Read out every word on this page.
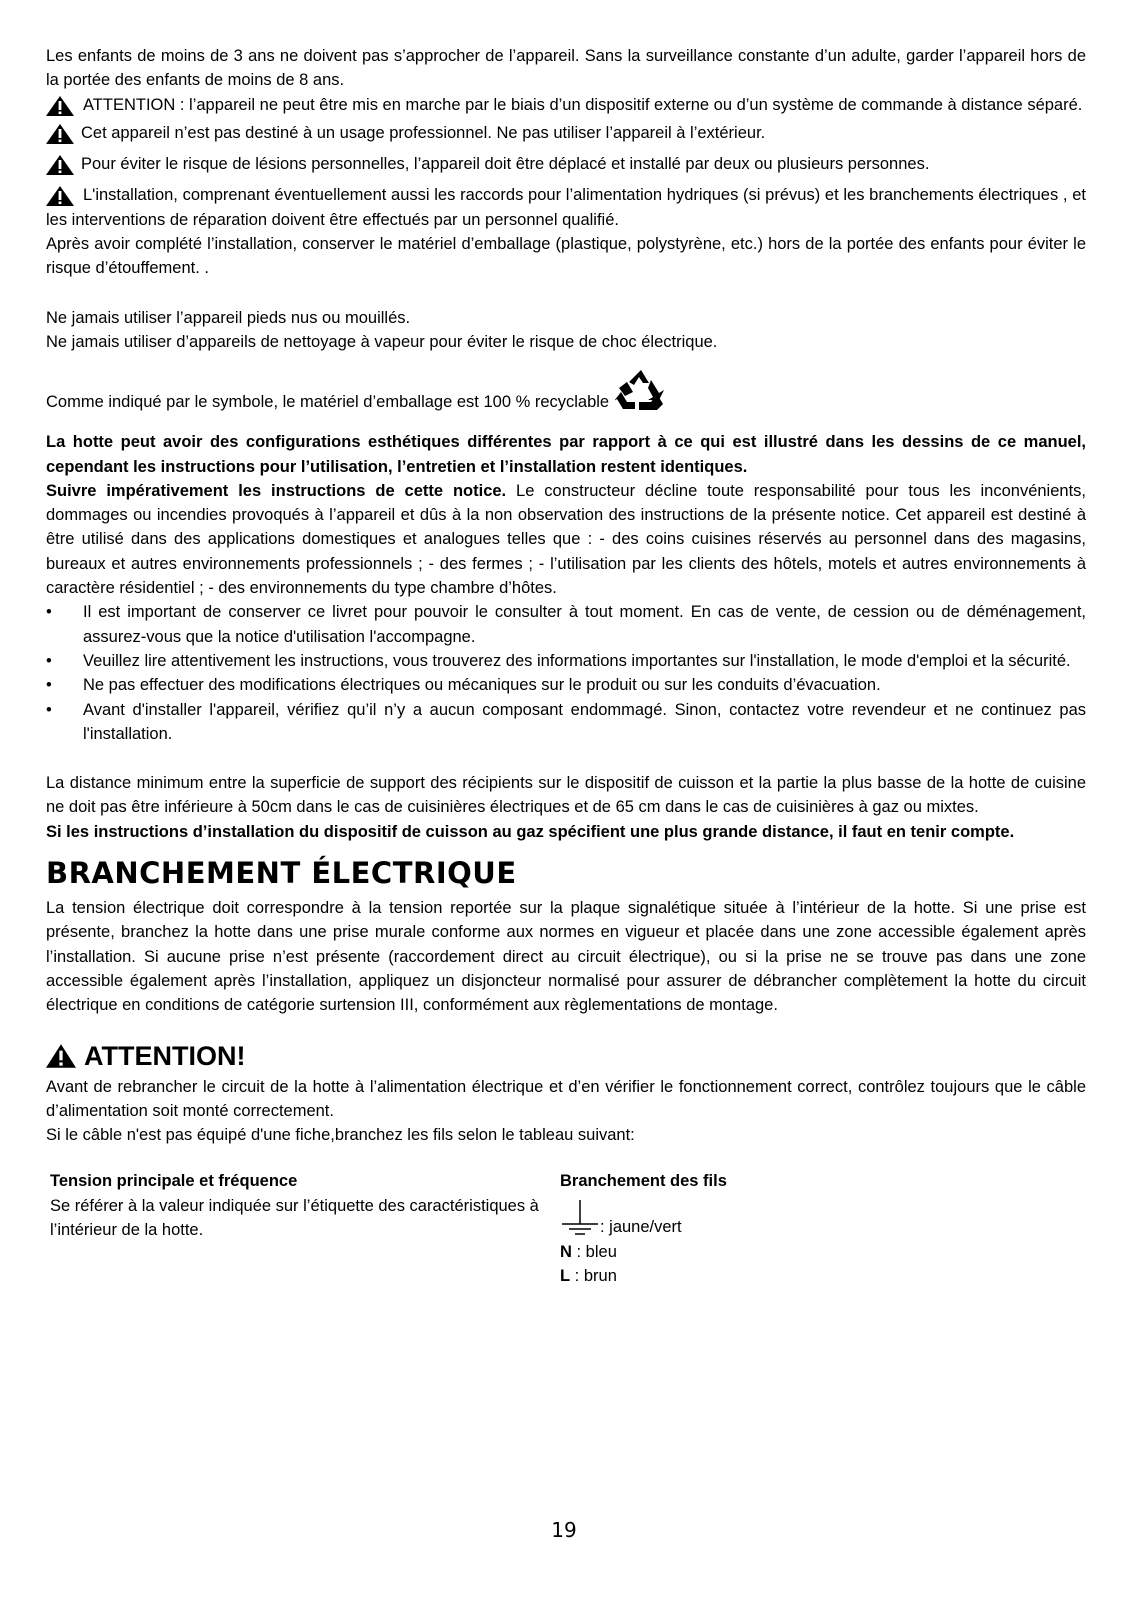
Les enfants de moins de 3 ans ne doivent pas s’approcher de l’appareil. Sans la surveillance constante d’un adulte, garder l’appareil hors de la portée des enfants de moins de 8 ans.

ATTENTION : l’appareil ne peut être mis en marche par le biais d’un dispositif externe ou d’un système de commande à distance séparé.

Cet appareil n’est pas destiné à un usage professionnel. Ne pas utiliser l’appareil à l’extérieur.

Pour éviter le risque de lésions personnelles, l’appareil doit être déplacé et installé par deux ou plusieurs personnes.

L'installation, comprenant éventuellement aussi les raccords pour l’alimentation hydriques (si prévus) et les branchements électriques , et les interventions de réparation doivent être effectués par un personnel qualifié.

Après avoir complété l’installation, conserver le matériel d’emballage (plastique, polystyrène, etc.) hors de la portée des enfants pour éviter le risque d’étouffement. .

Ne jamais utiliser l’appareil pieds nus ou mouillés.

Ne jamais utiliser d’appareils de nettoyage à vapeur pour éviter le risque de choc électrique.

Comme indiqué par le symbole, le matériel d’emballage est 100 % recyclable

La hotte peut avoir des configurations esthétiques différentes par rapport à ce qui est illustré dans les dessins de ce manuel, cependant les instructions pour l’utilisation, l’entretien et l’installation restent identiques.

Suivre impérativement les instructions de cette notice. Le constructeur décline toute responsabilité pour tous les inconvénients, dommages ou incendies provoqués à l’appareil et dûs à la non observation des instructions de la présente notice. Cet appareil est destiné à être utilisé dans des applications domestiques et analogues telles que : - des coins cuisines réservés au personnel dans des magasins, bureaux et autres environnements professionnels ; - des fermes ; - l’utilisation par les clients des hôtels, motels et autres environnements à caractère résidentiel ; - des environnements du type chambre d’hôtes.

• Il est important de conserver ce livret pour pouvoir le consulter à tout moment. En cas de vente, de cession ou de déménagement, assurez-vous que la notice d'utilisation l'accompagne.
• Veuillez lire attentivement les instructions, vous trouverez des informations importantes sur l'installation, le mode d'emploi et la sécurité.
• Ne pas effectuer des modifications électriques ou mécaniques sur le produit ou sur les conduits d’évacuation.
• Avant d'installer l'appareil, vérifiez qu’il n’y a aucun composant endommagé. Sinon, contactez votre revendeur et ne continuez pas l'installation.

La distance minimum entre la superficie de support des récipients sur le dispositif de cuisson et la partie la plus basse de la hotte de cuisine ne doit pas être inférieure à 50cm dans le cas de cuisinières électriques et de 65 cm dans le cas de cuisinières à gaz ou mixtes.

Si les instructions d’installation du dispositif de cuisson au gaz spécifient une plus grande distance, il faut en tenir compte.

BRANCHEMENT ÉLECTRIQUE

La tension électrique doit correspondre à la tension reportée sur la plaque signalétique située à l’intérieur de la hotte. Si une prise est présente, branchez la hotte dans une prise murale conforme aux normes en vigueur et placée dans une zone accessible également après l’installation. Si aucune prise n’est présente (raccordement direct au circuit électrique), ou si la prise ne se trouve pas dans une zone accessible également après l’installation, appliquez un disjoncteur normalisé pour assurer de débrancher complètement la hotte du circuit électrique en conditions de catégorie surtension III, conformément aux règlementations de montage.

ATTENTION!

Avant de rebrancher le circuit de la hotte à l’alimentation électrique et d’en vérifier le fonctionnement correct, contrôlez toujours que le câble d’alimentation soit monté correctement.

Si le câble n'est pas équipé d'une fiche,branchez les fils selon le tableau suivant:

Tension principale et fréquence
Se référer à la valeur indiquée sur l’étiquette des caractéristiques à l’intérieur de la hotte.
Branchement des fils
: jaune/vert
N : bleu
L : brun
19
